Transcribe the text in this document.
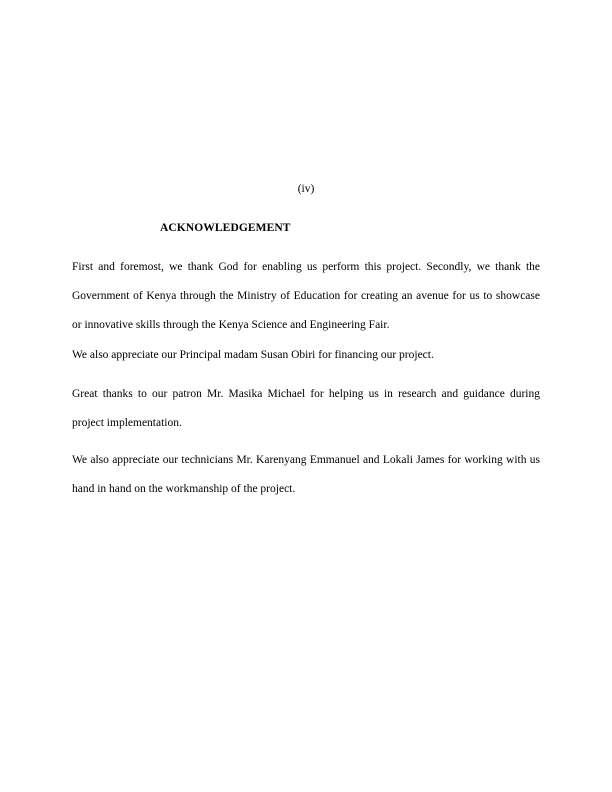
(iv)
ACKNOWLEDGEMENT

First and foremost, we thank God for enabling us perform this project. Secondly, we thank the Government of Kenya through the Ministry of Education for creating an avenue for us to showcase or innovative skills through the Kenya Science and Engineering Fair.

We also appreciate our Principal madam Susan Obiri for financing our project.

Great thanks to our patron Mr. Masika Michael for helping us in research and guidance during project implementation.

We also appreciate our technicians Mr. Karenyang Emmanuel and Lokali James for working with us hand in hand on the workmanship of the project.
